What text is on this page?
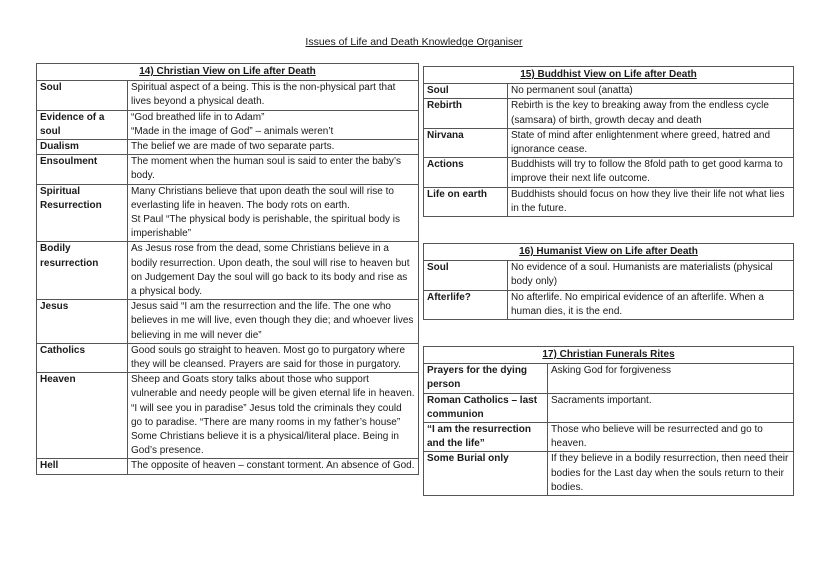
Issues of Life and Death Knowledge Organiser
14) Christian View on Life after Death	
Soul	Spiritual aspect of a being. This is the non-physical part that lives beyond a physical death.
Evidence of a soul	“God breathed life in to Adam”
“Made in the image of God” – animals weren’t
Dualism	The belief we are made of two separate parts.
Ensoulment	The moment when the human soul is said to enter the baby’s body.
Spiritual Resurrection	Many Christians believe that upon death the soul will rise to everlasting life in heaven. The body rots on earth.
St Paul “The physical body is perishable, the spiritual body is imperishable”
Bodily resurrection	As Jesus rose from the dead, some Christians believe in a bodily resurrection. Upon death, the soul will rise to heaven but on Judgement Day the soul will go back to its body and rise as a physical body.
Jesus	Jesus said “I am the resurrection and the life. The one who believes in me will live, even though they die; and whoever lives believing in me will never die”
Catholics	Good souls go straight to heaven. Most go to purgatory where they will be cleansed. Prayers are said for those in purgatory.
Heaven	Sheep and Goats story talks about those who support vulnerable and needy people will be given eternal life in heaven. “I will see you in paradise” Jesus told the criminals they could go to paradise. “There are many rooms in my father’s house” Some Christians believe it is a physical/literal place. Being in God’s presence.
Hell	The opposite of heaven – constant torment. An absence of God.
15) Buddhist View on Life after Death	
Soul	No permanent soul (anatta)
Rebirth	Rebirth is the key to breaking away from the endless cycle (samsara) of birth, growth decay and death
Nirvana	State of mind after enlightenment where greed, hatred and ignorance cease.
Actions	Buddhists will try to follow the 8fold path to get good karma to improve their next life outcome.
Life on earth	Buddhists should focus on how they live their life not what lies in the future.
16) Humanist View on Life after Death	
Soul	No evidence of a soul. Humanists are materialists (physical body only)
Afterlife?	No afterlife. No empirical evidence of an afterlife. When a human dies, it is the end.
17) Christian Funerals Rites	
Prayers for the dying person	Asking God for forgiveness
Roman Catholics – last communion	Sacraments important.
“I am the resurrection and the life”	Those who believe will be resurrected and go to heaven.
Some Burial only	If they believe in a bodily resurrection, then need their bodies for the Last day when the souls return to their bodies.
